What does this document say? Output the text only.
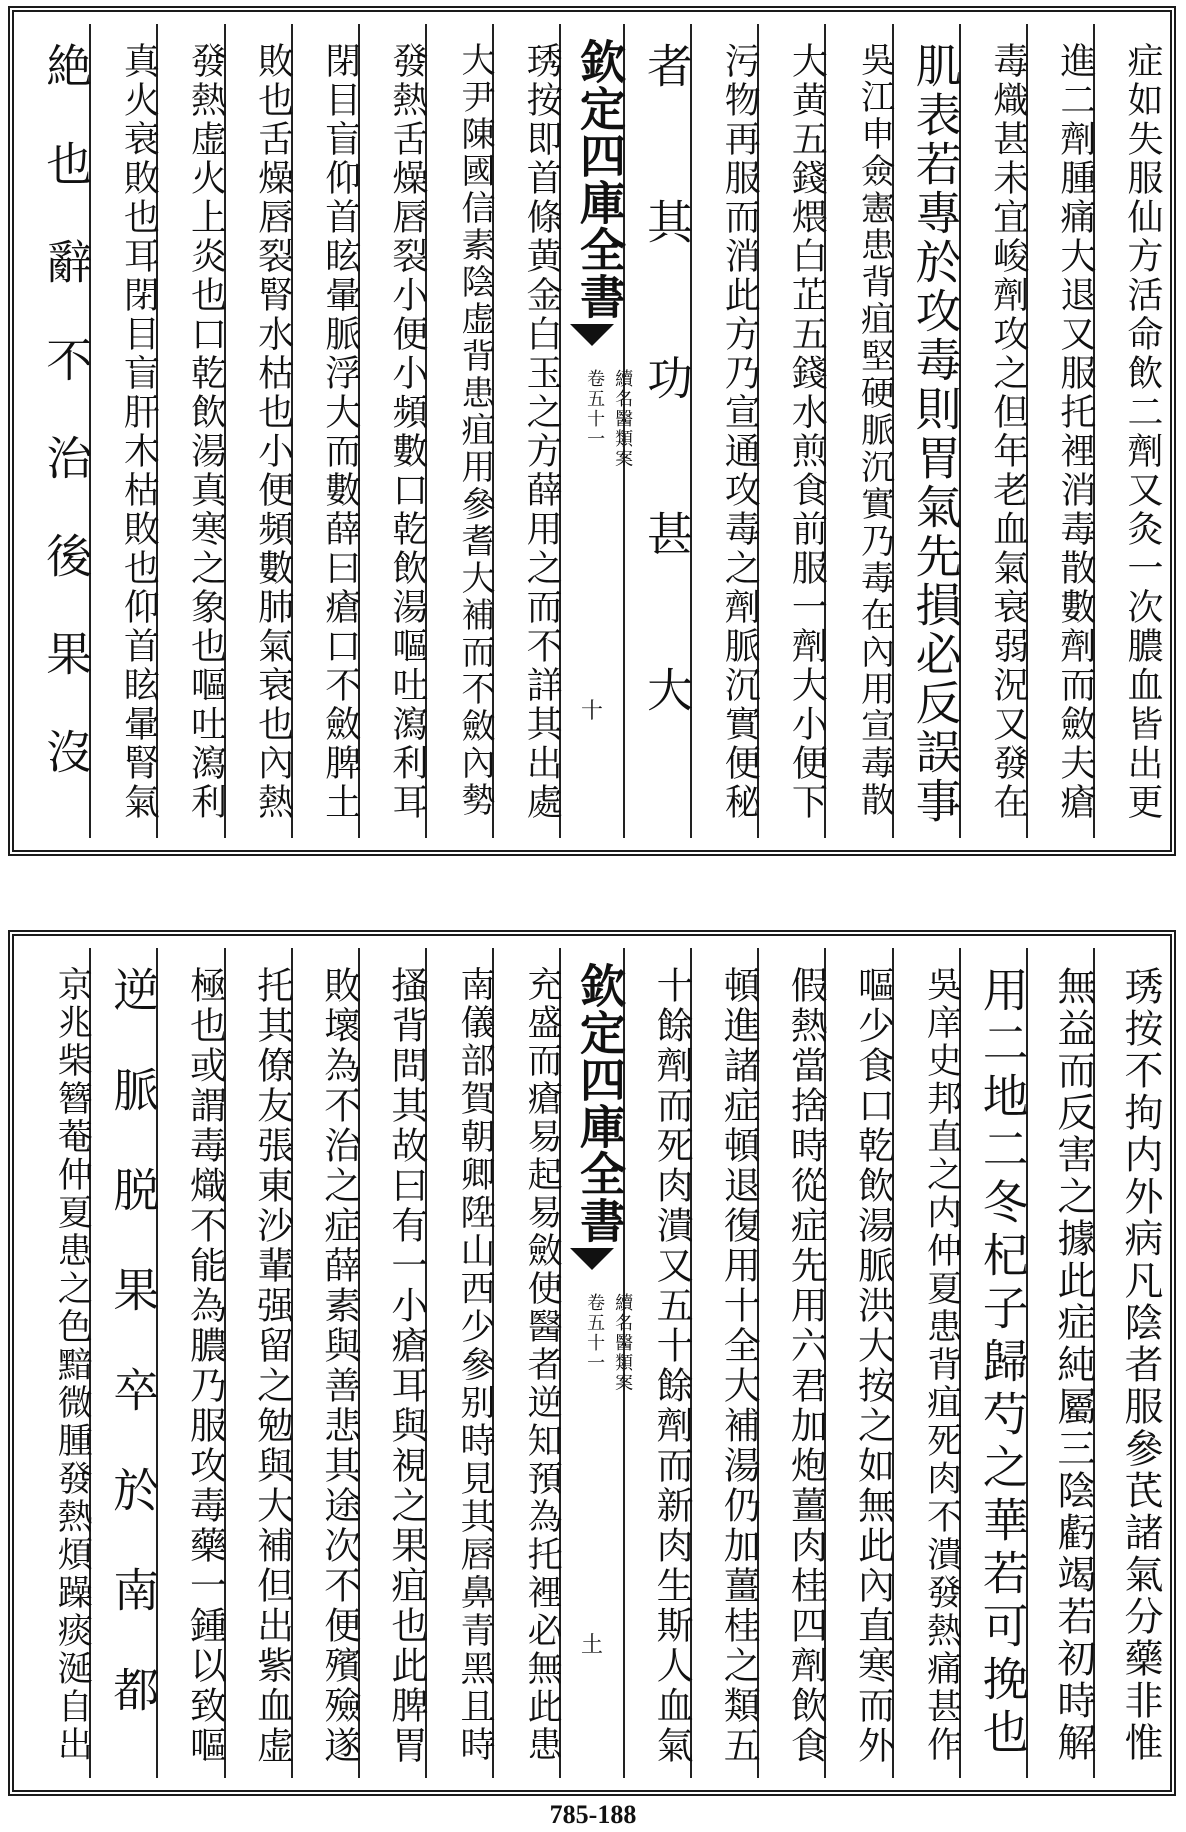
症如失服仙方活命飲二劑又灸一次膿血皆出更
進二劑腫痛大退又服托裡消毒散數劑而斂夫瘡
毒熾甚未宜峻劑攻之但年老血氣衰弱況又發在
肌表若專於攻毒則胃氣先損必反誤事
吳江申僉憲患背疽堅硬脈沉實乃毒在內用宣毒散
大黄五錢煨白芷五錢水煎食前服一劑大小便下
污物再服而消此方乃宣通攻毒之劑脈沉實便秘
者其功甚大
欽定四庫全書
續名醫類案
卷五十一
十
琇按即首條黄金白玉之方薛用之而不詳其出處
大尹陳國信素陰虚背患疽用參耆大補而不斂內勢
發熱舌燥唇裂小便小頻數口乾飲湯嘔吐瀉利耳
閉目盲仰首眩暈脈浮大而數薛曰瘡口不斂脾土
敗也舌燥唇裂腎水枯也小便頻數肺氣衰也內熱
發熱虚火上炎也口乾飲湯真寒之象也嘔吐瀉利
真火衰敗也耳閉目盲肝木枯敗也仰首眩暈腎氣
絶也辭不治後果沒
琇按不拘内外病凡陰者服參芪諸氣分藥非惟
無益而反害之據此症純屬三陰虧竭若初時解
用二地二冬杞子歸芍之華若可挽也
吳庠史邦直之内仲夏患背疽死肉不潰發熱痛甚作
嘔少食口乾飲湯脈洪大按之如無此內直寒而外
假熱當捨時從症先用六君加炮薑肉桂四劑飲食
頓進諸症頓退復用十全大補湯仍加薑桂之類五
十餘劑而死肉潰又五十餘劑而新肉生斯人血氣
欽定四庫全書
續名醫類案
卷五十一
土
充盛而瘡易起易斂使醫者逆知預為托裡必無此患
南儀部賀朝卿陞山西少參别時見其唇鼻青黑且時
搔背問其故曰有一小瘡耳與視之果疽也此脾胃
敗壞為不治之症薛素與善悲其途次不便殯殮遂
托其僚友張東沙輩强留之勉與大補但出紫血虚
極也或謂毒熾不能為膿乃服攻毒藥一鍾以致嘔
逆脈脱果卒於南都
京兆柴簪菴仲夏患之色黯微腫發熱煩躁痰涎自出
785-188
